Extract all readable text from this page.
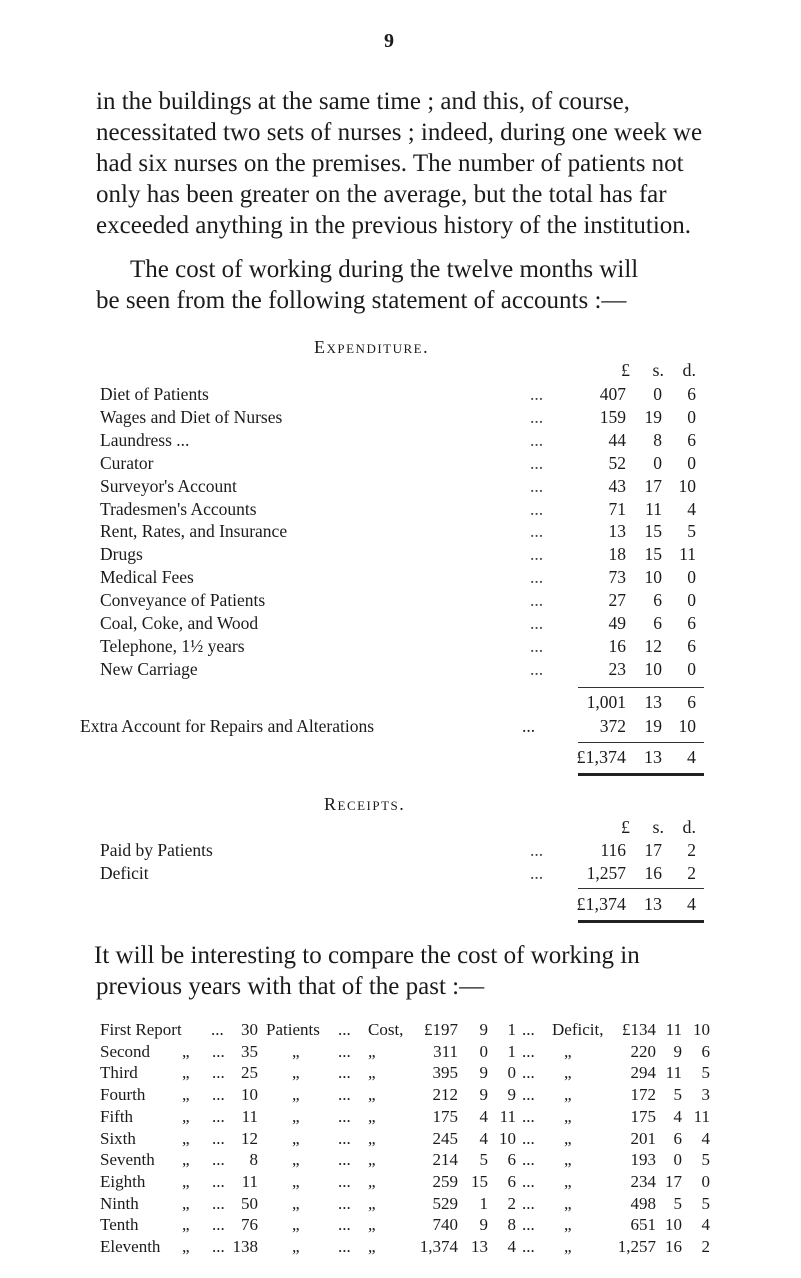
9
in the buildings at the same time ; and this, of course,
necessitated two sets of nurses ; indeed, during one week we
had six nurses on the premises. The number of patients not
only has been greater on the average, but the total has far
exceeded anything in the previous history of the institution.
The cost of working during the twelve months will
be seen from the following statement of accounts :—
Expenditure.
£	s.	d.
Diet of Patients	...	407	0	6
Wages and Diet of Nurses	...	159	19	0
Laundress ...	...	44	8	6
Curator	...	52	0	0
Surveyor's Account	...	43	17 10
Tradesmen's Accounts	...	71	11	4
Rent, Rates, and Insurance	...	13	15	5
Drugs	...	18	15 11
Medical Fees	...	73	10	0
Conveyance of Patients	...	27	6	0
Coal, Coke, and Wood	...	49	6	6
Telephone, 1½ years	...	16	12	6
New Carriage	...	23	10	0
1,001	13	6
Extra Account for Repairs and Alterations	...	372	19 10
£1,374	13	4
Receipts.
£	s.	d.
Paid by Patients	...	116	17	2
Deficit	...	1,257	16	2
£1,374	13	4
It will be interesting to compare the cost of working in
previous years with that of the past :—
First Report ...	30 Patients ... Cost,	£197	9	1 ... Deficit,	£134 11 10
Second „ ... 35 „ ... „	311	0	1 ... „	220	9	6
Third	„ ... 25 „ ... „	395	9	0 ... „	294 11	5
Fourth „ ... 10 „ ... „	212	9	9 ... „	172	5	3
Fifth	„ ... 11 „ ... „	175	4 11 ... „	175	4 11
Sixth	„ ... 12 „ ... „	245	4 10 ... „	201	6	4
Seventh „ ...	8 „ ... „	214	5	6 ... „	193	0	5
Eighth „ ... 11 „ ... „	259 15	6 ... „	234 17	0
Ninth	„ ... 50 „ ... „	529	1	2 ... „	498	5	5
Tenth	„ ... 76 „ ... „	740	9	8 ... „	651 10	4
Eleventh „ ... 138 „ ... „	1,374 13	4 ... „	1,257 16	2
